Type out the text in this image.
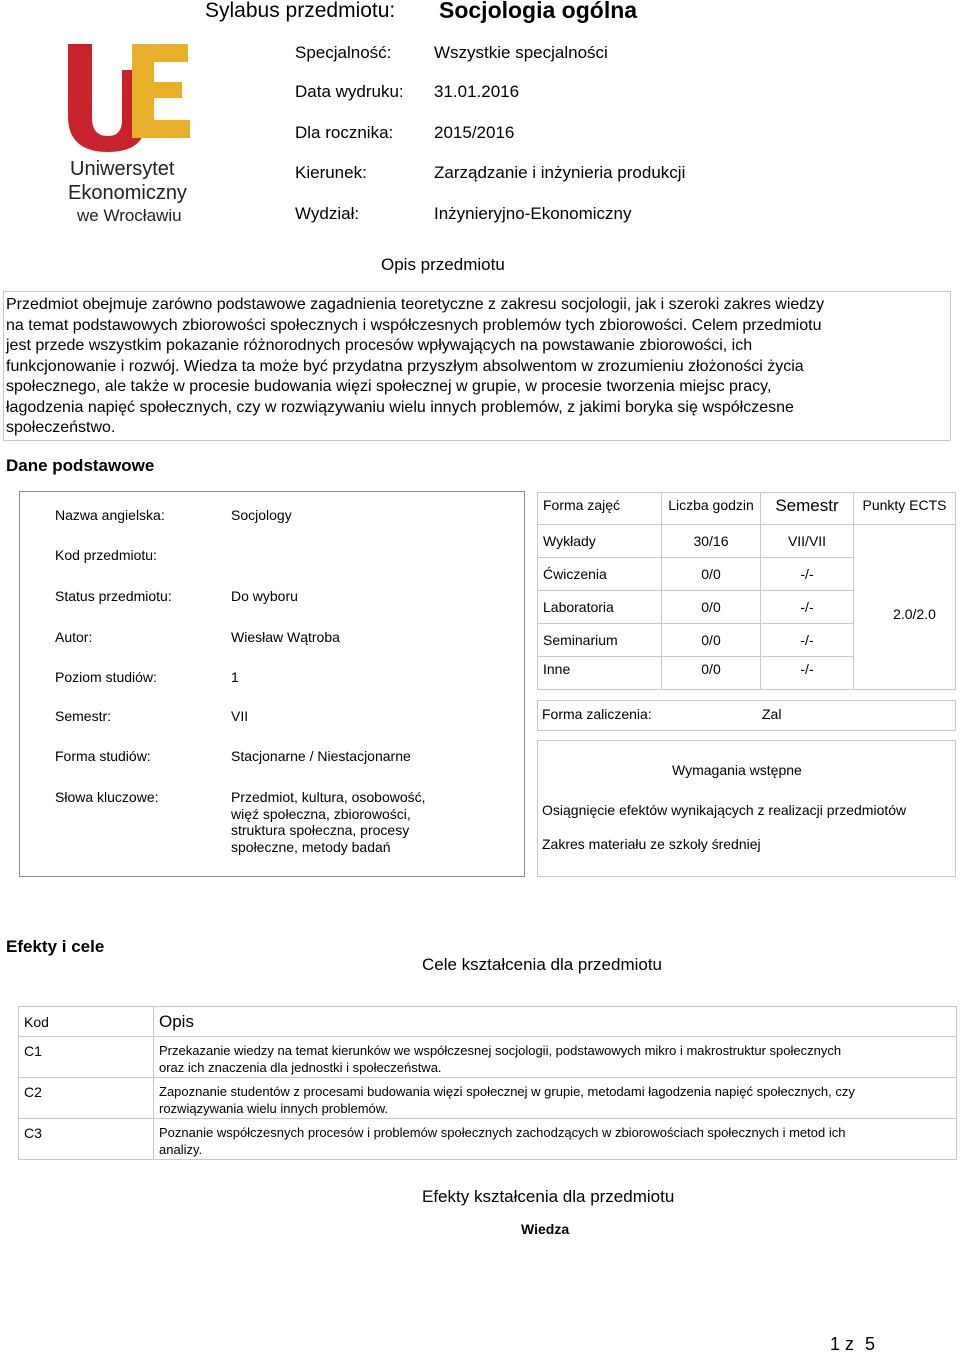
Sylabus przedmiotu: Socjologia ogólna
Uniwersytet
Ekonomiczny
we Wrocławiu
Specjalność:	Wszystkie specjalności
Data wydruku: 31.01.2016
Dla rocznika: 2015/2016
Kierunek:	Zarządzanie i inżynieria produkcji
Wydział:	Inżynieryjno-Ekonomiczny
Opis przedmiotu
Przedmiot obejmuje zarówno podstawowe zagadnienia teoretyczne z zakresu socjologii, jak i szeroki zakres wiedzy
na temat podstawowych zbiorowości społecznych i współczesnych problemów tych zbiorowości. Celem przedmiotu
jest przede wszystkim pokazanie różnorodnych procesów wpływających na powstawanie zbiorowości, ich
funkcjonowanie i rozwój. Wiedza ta może być przydatna przyszłym absolwentom w zrozumieniu złożoności życia
społecznego, ale także w procesie budowania więzi społecznej w grupie, w procesie tworzenia miejsc pracy,
łagodzenia napięć społecznych, czy w rozwiązywaniu wielu innych problemów, z jakimi boryka się współczesne
społeczeństwo.
Dane podstawowe
Nazwa angielska:	Socjology
Kod przedmiotu:
Status przedmiotu:	Do wyboru
Autor:	Wiesław Wątroba
Poziom studiów:	1
Semestr:	VII
Forma studiów:	Stacjonarne / Niestacjonarne
Słowa kluczowe:	Przedmiot, kultura, osobowość,
więź społeczna, zbiorowości,
struktura społeczna, procesy
społeczne, metody badań
Forma zajęć	Liczba godzin	Semestr	Punkty ECTS
Wykłady	30/16	VII/VII	2.0/2.0
Ćwiczenia	0/0	-/-	
Laboratoria	0/0	-/-	
Seminarium	0/0	-/-	
Inne	0/0	-/-	
Forma zaliczenia:	Zal
Wymagania wstępne
Osiągnięcie efektów wynikających z realizacji przedmiotów
Zakres materiału ze szkoły średniej
Efekty i cele
Cele kształcenia dla przedmiotu
Kod	Opis
C1	Przekazanie wiedzy na temat kierunków we współczesnej socjologii, podstawowych mikro i makrostruktur społecznych
oraz ich znaczenia dla jednostki i społeczeństwa.

C2	Zapoznanie studentów z procesami budowania więzi społecznej w grupie, metodami łagodzenia napięć społecznych, czy
rozwiązywania wielu innych problemów.

C3	Poznanie współczesnych procesów i problemów społecznych zachodzących w zbiorowościach społecznych i metod ich
analizy.
Efekty kształcenia dla przedmiotu
Wiedza
1 z 5
